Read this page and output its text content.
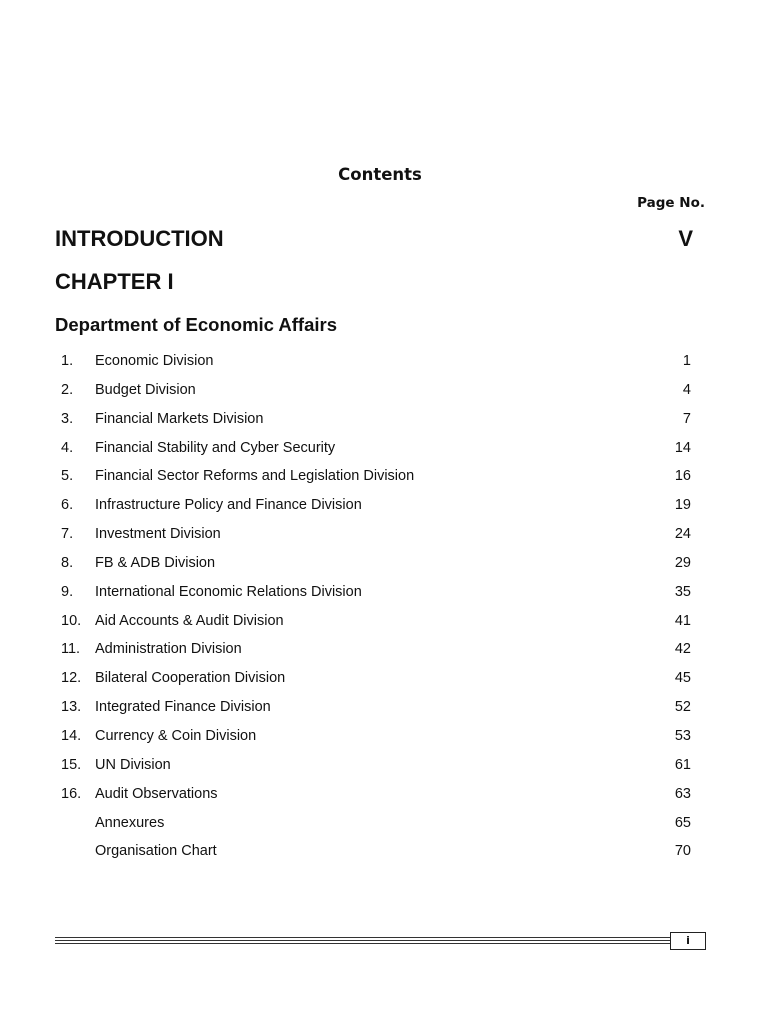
Contents
Page No.
INTRODUCTION	V
CHAPTER I
Department of Economic Affairs
1. Economic Division	1
2. Budget Division	4
3. Financial Markets Division	7
4. Financial Stability and Cyber Security	14
5. Financial Sector Reforms and Legislation Division	16
6. Infrastructure Policy and Finance Division	19
7. Investment Division	24
8. FB & ADB Division	29
9. International Economic Relations Division	35
10. Aid Accounts & Audit Division	41
11. Administration Division	42
12. Bilateral Cooperation Division	45
13. Integrated Finance Division	52
14. Currency & Coin Division	53
15. UN Division	61
16. Audit Observations	63
Annexures	65
Organisation Chart	70
i
